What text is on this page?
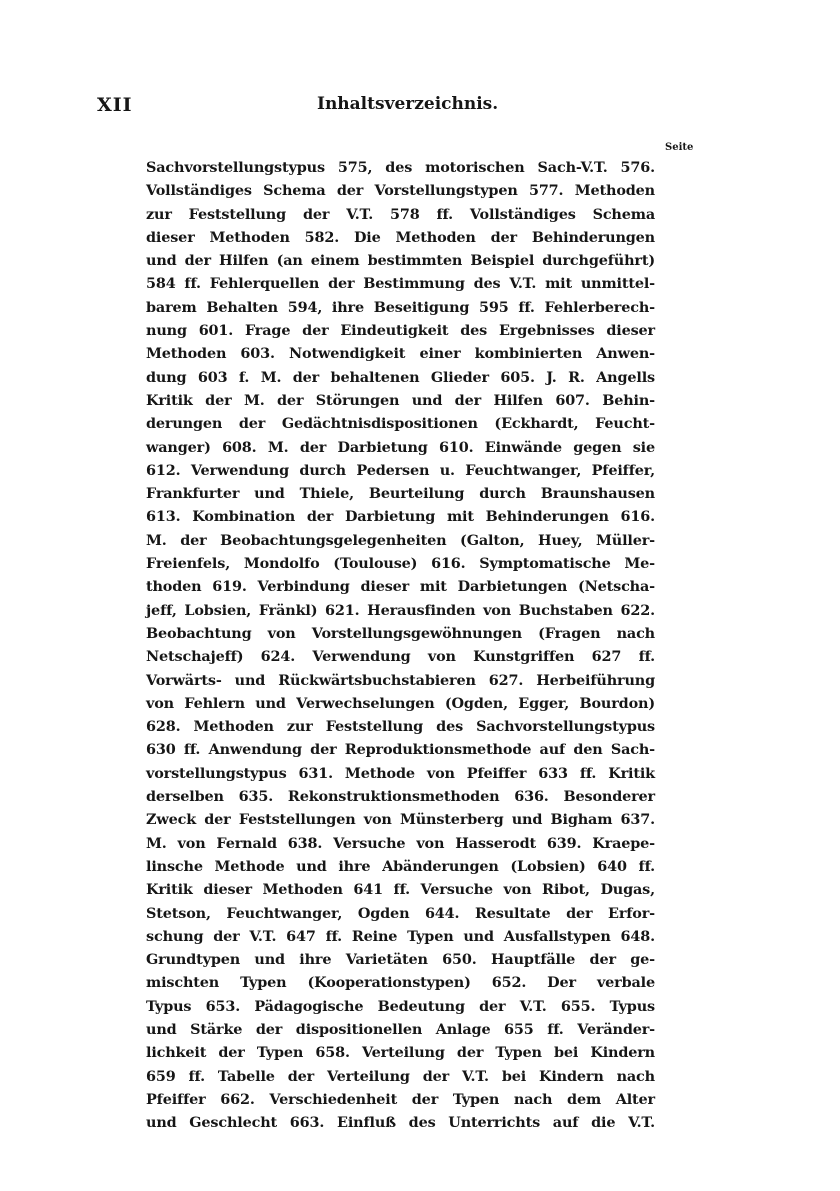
XII	Inhaltsverzeichnis.
Seite
Sachvorstellungstypus 575, des motorischen Sach-V.T. 576.
Vollständiges Schema der Vorstellungstypen 577. Methoden
zur Feststellung der V.T. 578 ff. Vollständiges Schema
dieser Methoden 582. Die Methoden der Behinderungen
und der Hilfen (an einem bestimmten Beispiel durchgeführt)
584 ff. Fehlerquellen der Bestimmung des V.T. mit unmittel-
barem Behalten 594, ihre Beseitigung 595 ff. Fehlerberech-
nung 601. Frage der Eindeutigkeit des Ergebnisses dieser
Methoden 603. Notwendigkeit einer kombinierten Anwen-
dung 603 f. M. der behaltenen Glieder 605. J. R. Angells
Kritik der M. der Störungen und der Hilfen 607. Behin-
derungen der Gedächtnisdispositionen (Eckhardt, Feucht-
wanger) 608. M. der Darbietung 610. Einwände gegen sie
612. Verwendung durch Pedersen u. Feuchtwanger, Pfeiffer,
Frankfurter und Thiele, Beurteilung durch Braunshausen
613. Kombination der Darbietung mit Behinderungen 616.
M. der Beobachtungsgelegenheiten (Galton, Huey, Müller-
Freienfels, Mondolfo (Toulouse) 616. Symptomatische Me-
thoden 619. Verbindung dieser mit Darbietungen (Netscha-
jeff, Lobsien, Fränkl) 621. Herausfinden von Buchstaben 622.
Beobachtung von Vorstellungsgewöhnungen (Fragen nach
Netschajeff) 624. Verwendung von Kunstgriffen 627 ff.
Vorwärts- und Rückwärtsbuchstabieren 627. Herbeiführung
von Fehlern und Verwechselungen (Ogden, Egger, Bourdon)
628. Methoden zur Feststellung des Sachvorstellungstypus
630 ff. Anwendung der Reproduktionsmethode auf den Sach-
vorstellungstypus 631. Methode von Pfeiffer 633 ff. Kritik
derselben 635. Rekonstruktionsmethoden 636. Besonderer
Zweck der Feststellungen von Münsterberg und Bigham 637.
M. von Fernald 638. Versuche von Hasserodt 639. Kraepe-
linsche Methode und ihre Abänderungen (Lobsien) 640 ff.
Kritik dieser Methoden 641 ff. Versuche von Ribot, Dugas,
Stetson, Feuchtwanger, Ogden 644. Resultate der Erfor-
schung der V.T. 647 ff. Reine Typen und Ausfallstypen 648.
Grundtypen und ihre Varietäten 650. Hauptfälle der ge-
mischten Typen (Kooperationstypen) 652. Der verbale
Typus 653. Pädagogische Bedeutung der V.T. 655. Typus
und Stärke der dispositionellen Anlage 655 ff. Veränder-
lichkeit der Typen 658. Verteilung der Typen bei Kindern
659 ff. Tabelle der Verteilung der V.T. bei Kindern nach
Pfeiffer 662. Verschiedenheit der Typen nach dem Alter
und Geschlecht 663. Einfluß des Unterrichts auf die V.T.
